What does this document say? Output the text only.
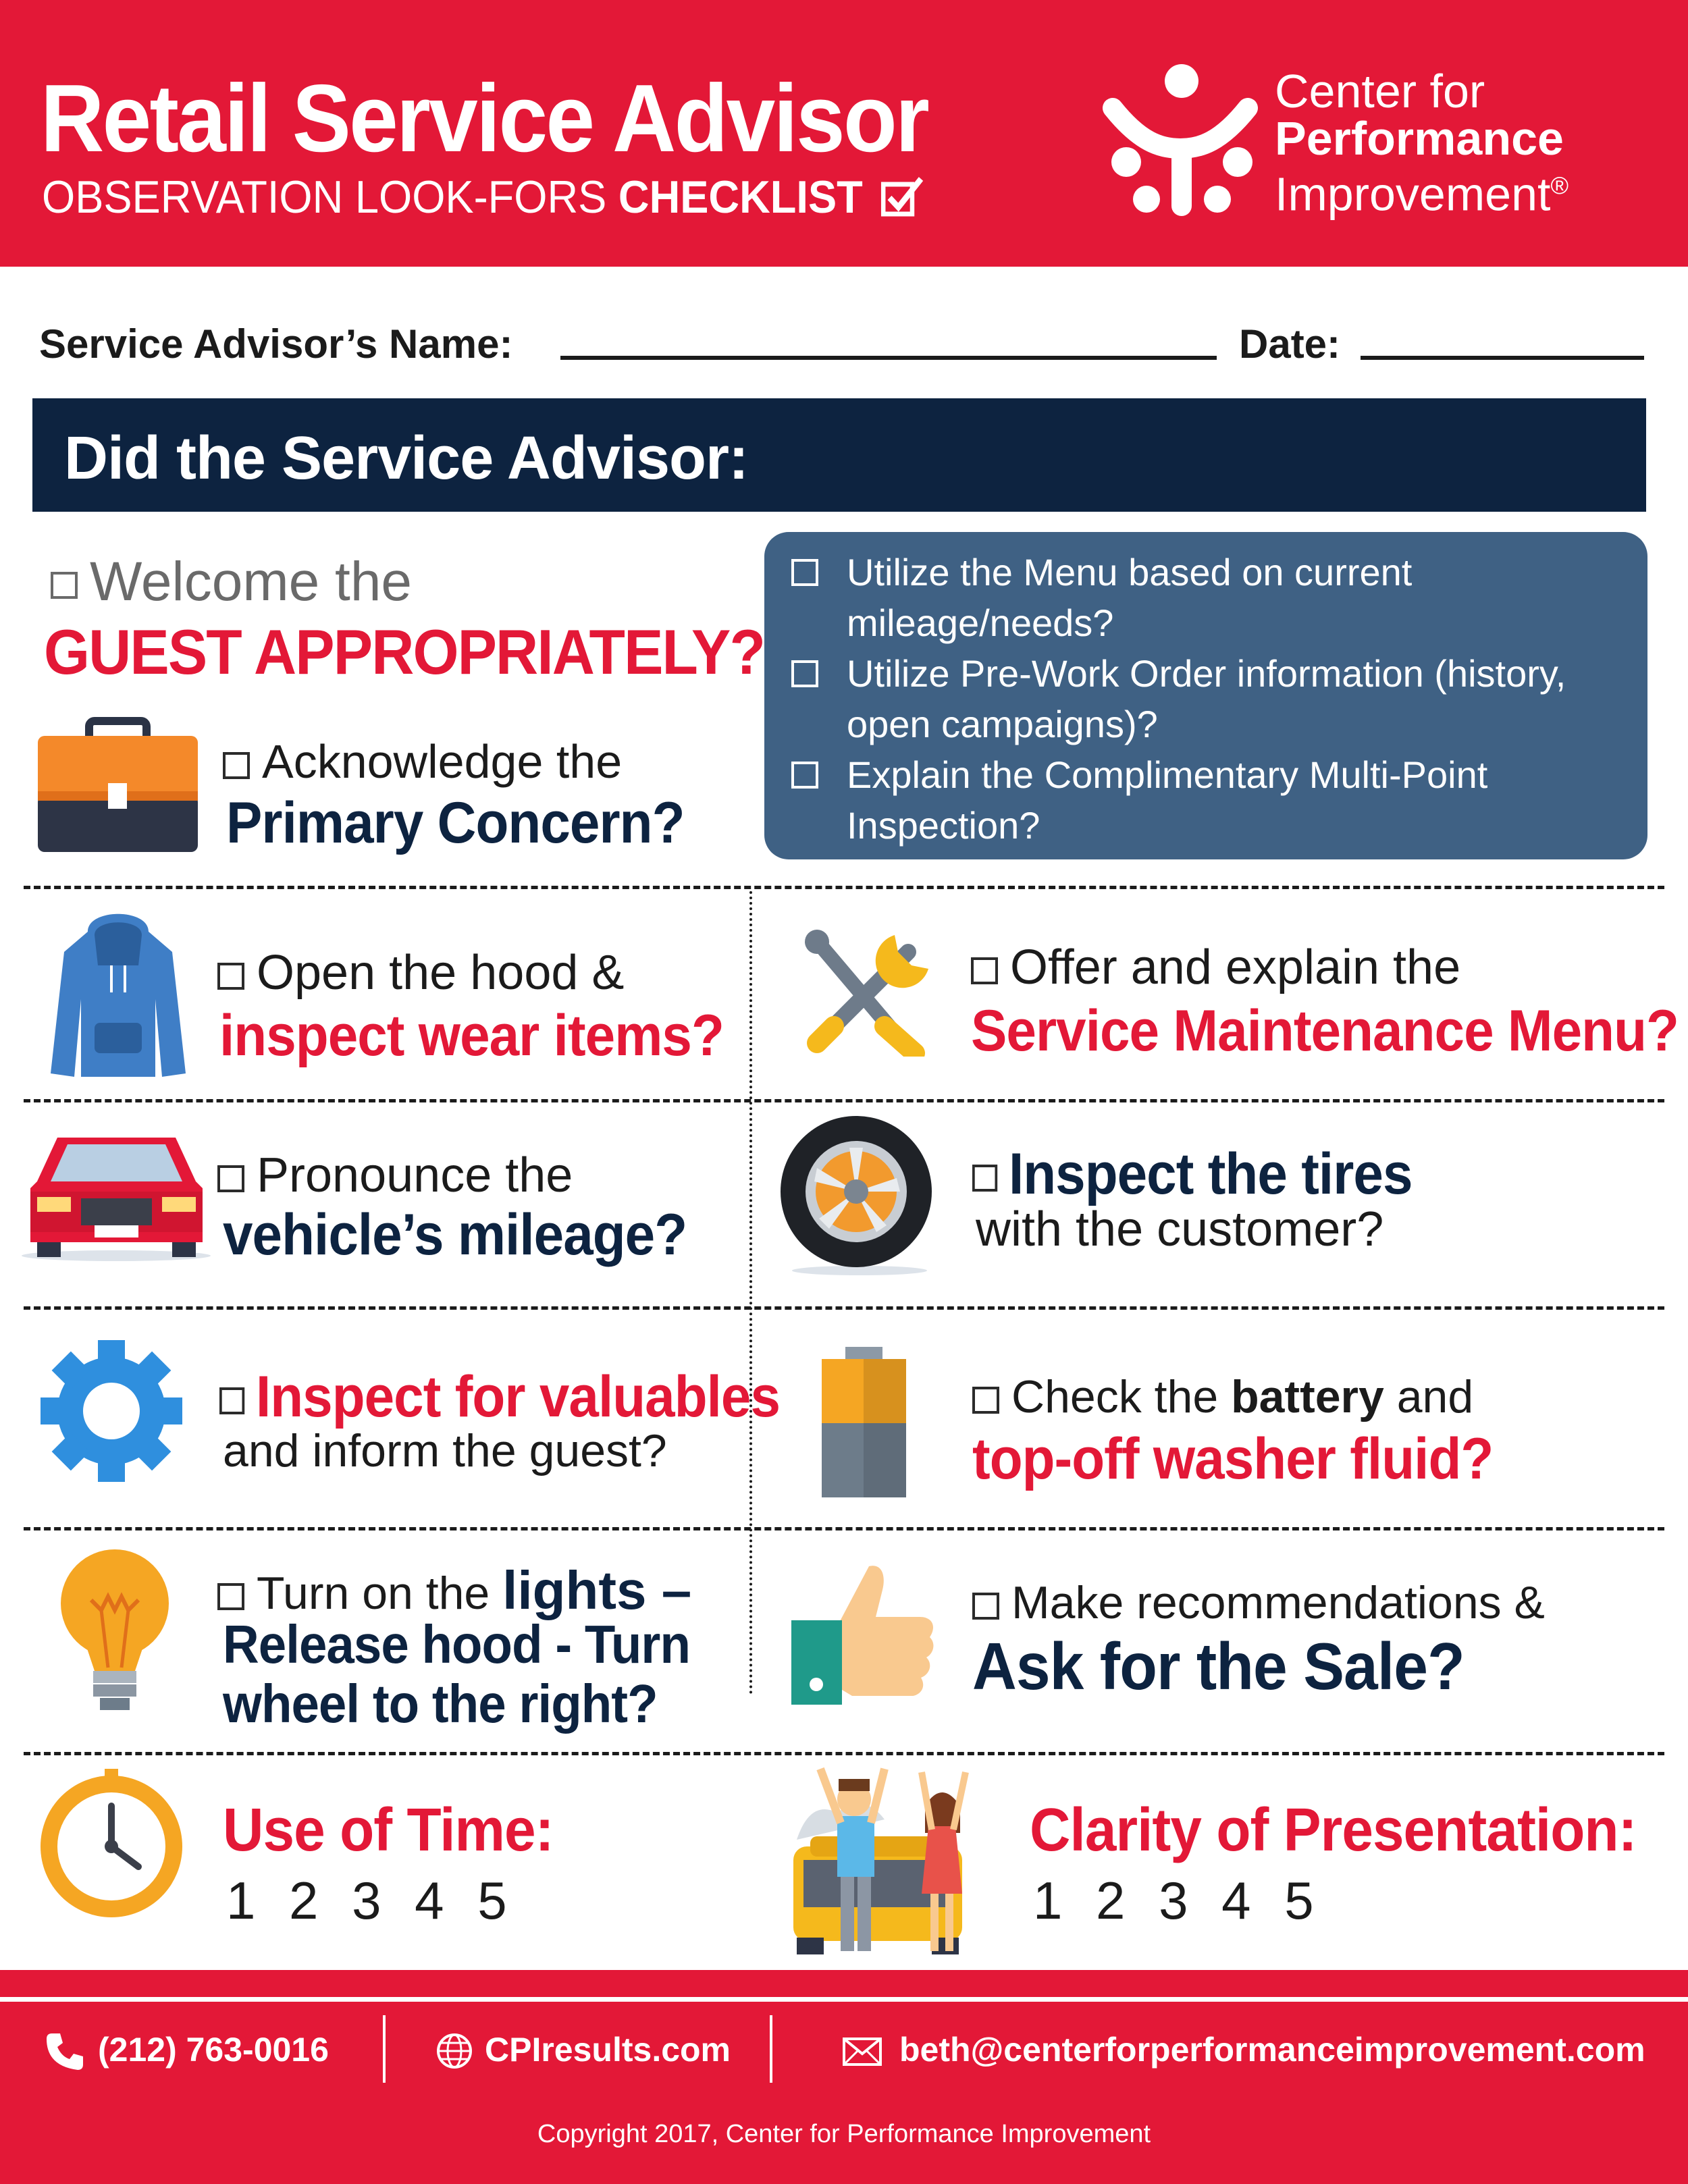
Retail Service Advisor
OBSERVATION LOOK-FORS CHECKLIST
Center for
Performance
Improvement®
Service Advisor’s Name:	Date:
Did the Service Advisor:
Welcome the
GUEST APPROPRIATELY?
Acknowledge the
Primary Concern?
Utilize the Menu based on current mileage/needs?
Utilize Pre-Work Order information (history, open campaigns)?
Explain the Complimentary Multi-Point Inspection?
Open the hood &
inspect wear items?
Offer and explain the
Service Maintenance Menu?
Pronounce the
vehicle’s mileage?
Inspect the tires
with the customer?
Inspect for valuables
and inform the guest?
Check the battery and
top-off washer fluid?
Turn on the lights –
Release hood - Turn
wheel to the right?
Make recommendations &
Ask for the Sale?
Use of Time:
1 2 3 4 5
Clarity of Presentation:
1 2 3 4 5
(212) 763-0016	CPIresults.com	beth@centerforperformanceimprovement.com
Copyright 2017, Center for Performance Improvement
